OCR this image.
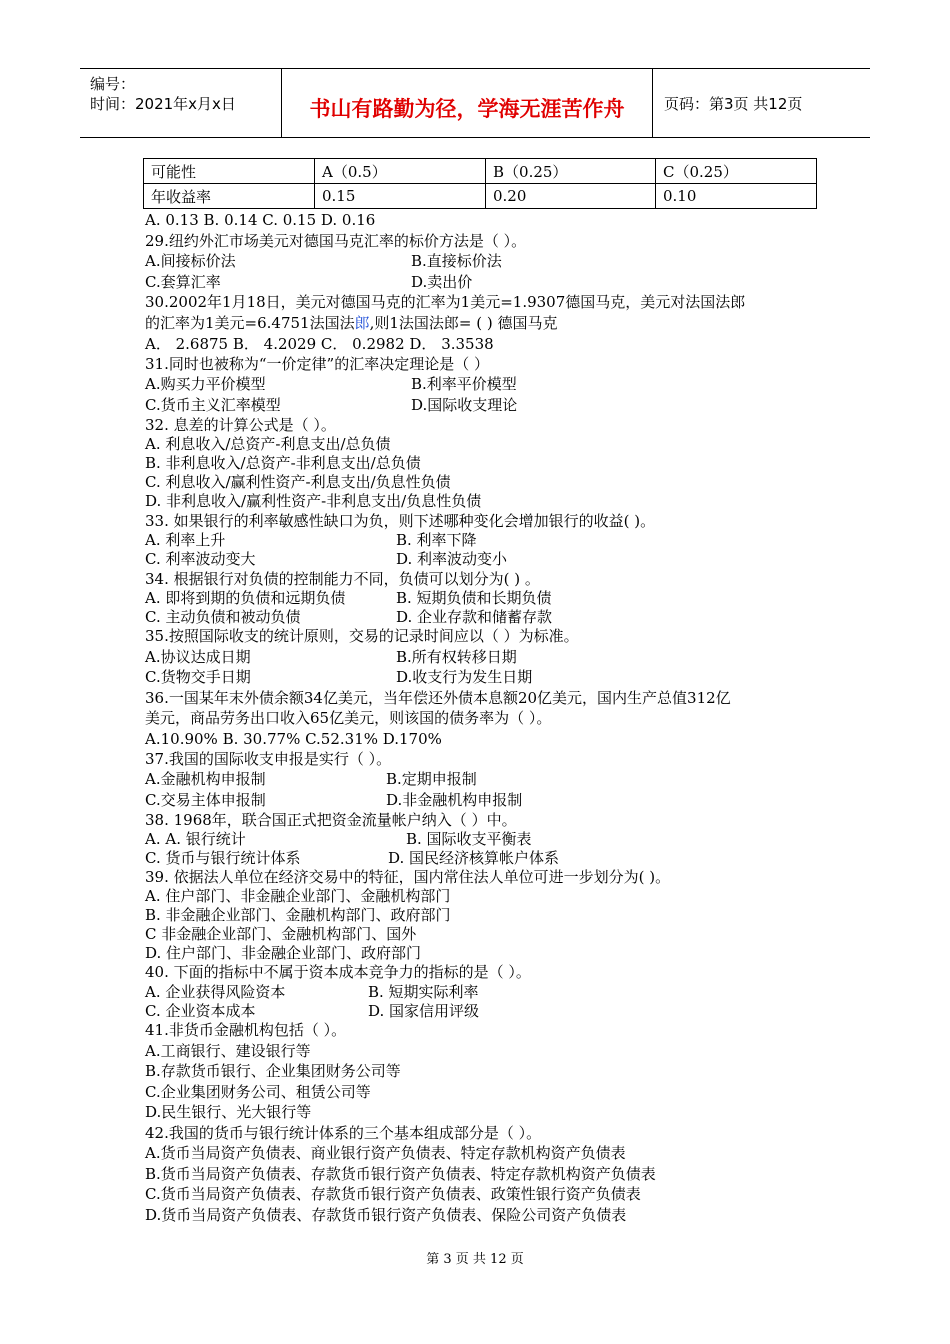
编号：
时间：2021年x月x日	书山有路勤为径，学海无涯苦作舟	页码：第3页 共12页
可能性	A（0.5）	B（0.25）	C（0.25）
年收益率	0.15	0.20	0.10
A. 0.13 B. 0.14 C. 0.15 D. 0.16
29.纽约外汇市场美元对德国马克汇率的标价方法是（ ）。
A.间接标价法	B.直接标价法
C.套算汇率	D.卖出价
30.2002年1月18日，美元对德国马克的汇率为1美元=1.9307德国马克，美元对法国法郎
的汇率为1美元=6.4751法国法郎,则1法国法郎= ( ) 德国马克
A． 2.6875 B． 4.2029 C． 0.2982 D． 3.3538
31.同时也被称为“一价定律”的汇率决定理论是（ ）
A.购买力平价模型	B.利率平价模型
C.货币主义汇率模型	D.国际收支理论
32. 息差的计算公式是（ ）。
A. 利息收入/总资产-利息支出/总负债
B. 非利息收入/总资产-非利息支出/总负债
C. 利息收入/赢利性资产-利息支出/负息性负债
D. 非利息收入/赢利性资产-非利息支出/负息性负债
33. 如果银行的利率敏感性缺口为负，则下述哪种变化会增加银行的收益( )。
A. 利率上升	B. 利率下降
C. 利率波动变大	D. 利率波动变小
34. 根据银行对负债的控制能力不同，负债可以划分为( ) 。
A. 即将到期的负债和远期负债	B. 短期负债和长期负债
C. 主动负债和被动负债	D. 企业存款和储蓄存款
35.按照国际收支的统计原则，交易的记录时间应以（ ）为标准。
A.协议达成日期	B.所有权转移日期
C.货物交手日期	D.收支行为发生日期
36.一国某年末外债余额34亿美元，当年偿还外债本息额20亿美元，国内生产总值312亿
美元，商品劳务出口收入65亿美元，则该国的债务率为（ ）。
A.10.90% B. 30.77% C.52.31% D.170%
37.我国的国际收支申报是实行（ ）。
A.金融机构申报制	B.定期申报制
C.交易主体申报制	D.非金融机构申报制
38. 1968年，联合国正式把资金流量帐户纳入（ ）中。
A. A. 银行统计	B. 国际收支平衡表
C. 货币与银行统计体系	D. 国民经济核算帐户体系
39. 依据法人单位在经济交易中的特征，国内常住法人单位可进一步划分为( )。
A. 住户部门、非金融企业部门、金融机构部门
B. 非金融企业部门、金融机构部门、政府部门
C 非金融企业部门、金融机构部门、国外
D. 住户部门、非金融企业部门、政府部门
40. 下面的指标中不属于资本成本竞争力的指标的是（ ）。
A. 企业获得风险资本	B. 短期实际利率
C. 企业资本成本	D. 国家信用评级
41.非货币金融机构包括（ ）。
A.工商银行、建设银行等
B.存款货币银行、企业集团财务公司等
C.企业集团财务公司、租赁公司等
D.民生银行、光大银行等
42.我国的货币与银行统计体系的三个基本组成部分是（ ）。
A.货币当局资产负债表、商业银行资产负债表、特定存款机构资产负债表
B.货币当局资产负债表、存款货币银行资产负债表、特定存款机构资产负债表
C.货币当局资产负债表、存款货币银行资产负债表、政策性银行资产负债表
D.货币当局资产负债表、存款货币银行资产负债表、保险公司资产负债表
第 3 页 共 12 页
